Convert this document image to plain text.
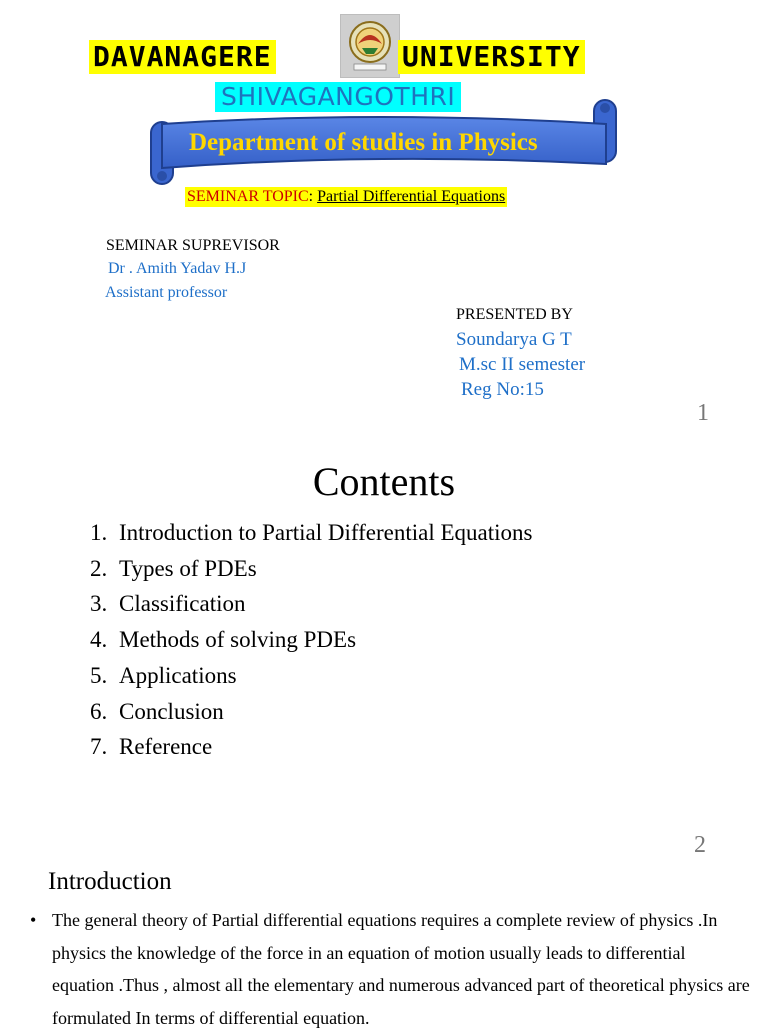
DAVANAGERE	UNIVERSITY
SHIVAGANGOTHRI
Department of studies in Physics
SEMINAR TOPIC: Partial Differential Equations
SEMINAR SUPREVISOR
Dr . Amith Yadav H.J
Assistant professor
PRESENTED BY
Soundarya G T
M.sc II semester
Reg No:15
1
Contents
1. Introduction to Partial Differential Equations
2. Types of PDEs
3. Classification
4. Methods of solving PDEs
5. Applications
6. Conclusion
7. Reference
2
Introduction
• The general theory of Partial differential equations requires a complete review of physics .In physics the knowledge of the force in an equation of motion usually leads to differential equation .Thus , almost all the elementary and numerous advanced part of theoretical physics are formulated In terms of differential equation.
